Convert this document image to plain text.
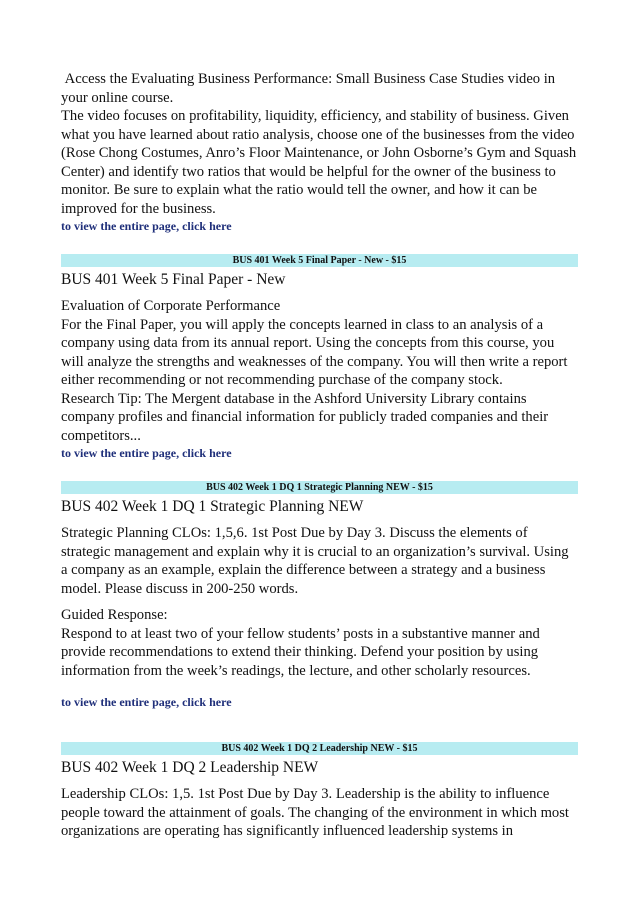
Access the Evaluating Business Performance: Small Business Case Studies video in your online course.

The video focuses on profitability, liquidity, efficiency, and stability of business. Given what you have learned about ratio analysis, choose one of the businesses from the video (Rose Chong Costumes, Anro’s Floor Maintenance, or John Osborne’s Gym and Squash Center) and identify two ratios that would be helpful for the owner of the business to monitor. Be sure to explain what the ratio would tell the owner, and how it can be improved for the business.

to view the entire page, click here
BUS 401 Week 5 Final Paper - New - $15

BUS 401 Week 5 Final Paper - New

Evaluation of Corporate Performance

For the Final Paper, you will apply the concepts learned in class to an analysis of a company using data from its annual report. Using the concepts from this course, you will analyze the strengths and weaknesses of the company. You will then write a report either recommending or not recommending purchase of the company stock.

Research Tip: The Mergent database in the Ashford University Library contains company profiles and financial information for publicly traded companies and their competitors...

to view the entire page, click here
BUS 402 Week 1 DQ 1 Strategic Planning NEW - $15

BUS 402 Week 1 DQ 1 Strategic Planning NEW

Strategic Planning CLOs: 1,5,6. 1st Post Due by Day 3. Discuss the elements of strategic management and explain why it is crucial to an organization’s survival. Using a company as an example, explain the difference between a strategy and a business model. Please discuss in 200-250 words.

Guided Response:

Respond to at least two of your fellow students’ posts in a substantive manner and provide recommendations to extend their thinking. Defend your position by using information from the week’s readings, the lecture, and other scholarly resources.

to view the entire page, click here
BUS 402 Week 1 DQ 2 Leadership NEW - $15

BUS 402 Week 1 DQ 2 Leadership NEW

Leadership CLOs: 1,5. 1st Post Due by Day 3. Leadership is the ability to influence people toward the attainment of goals. The changing of the environment in which most organizations are operating has significantly influenced leadership systems in
